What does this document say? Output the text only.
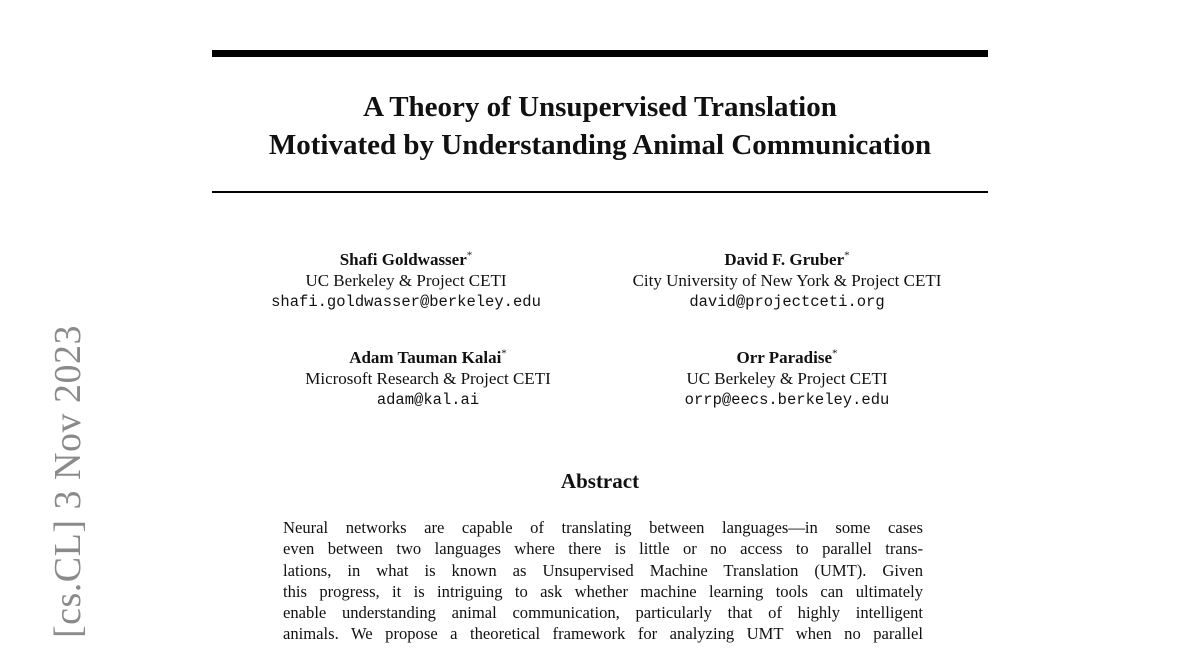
[cs.CL] 3 Nov 2023
A Theory of Unsupervised Translation
Motivated by Understanding Animal Communication
Shafi Goldwasser*
UC Berkeley & Project CETI
shafi.goldwasser@berkeley.edu
David F. Gruber*
City University of New York & Project CETI
david@projectceti.org
Adam Tauman Kalai*
Microsoft Research & Project CETI
adam@kal.ai
Orr Paradise*
UC Berkeley & Project CETI
orrp@eecs.berkeley.edu
Abstract
Neural networks are capable of translating between languages—in some cases
even between two languages where there is little or no access to parallel trans-
lations, in what is known as Unsupervised Machine Translation (UMT). Given
this progress, it is intriguing to ask whether machine learning tools can ultimately
enable understanding animal communication, particularly that of highly intelligent
animals. We propose a theoretical framework for analyzing UMT when no parallel
